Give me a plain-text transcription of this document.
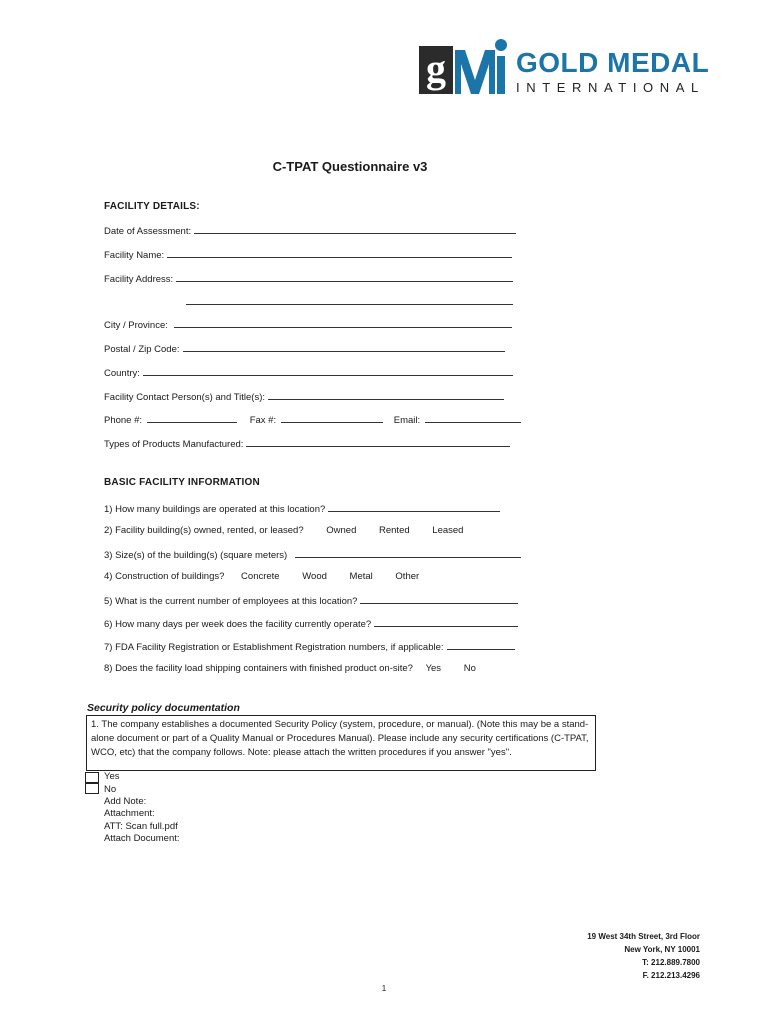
g	GOLD MEDAL
INTERNATIONAL
C-TPAT Questionnaire v3
FACILITY DETAILS:
Date of Assessment:
Facility Name:
Facility Address:
City / Province:
Postal / Zip Code:
Country:
Facility Contact Person(s) and Title(s):
Phone #:	Fax #:	Email:
Types of Products Manufactured:
BASIC FACILITY INFORMATION
1) How many buildings are operated at this location?
2) Facility building(s) owned, rented, or leased? Owned Rented Leased
3) Size(s) of the building(s) (square meters)
4) Construction of buildings? Concrete Wood Metal Other
5) What is the current number of employees at this location?
6) How many days per week does the facility currently operate?
7) FDA Facility Registration or Establishment Registration numbers, if applicable:
8) Does the facility load shipping containers with finished product on-site? Yes No
Security policy documentation
1. The company establishes a documented Security Policy (system, procedure, or manual). (Note this may be a stand-alone document or part of a Quality Manual or Procedures Manual). Please include any security certifications (C-TPAT, WCO, etc) that the company follows. Note: please attach the written procedures if you answer "yes".
Yes
No
Add Note:
Attachment:
ATT: Scan full.pdf
Attach Document:
19 West 34th Street, 3rd Floor
New York, NY 10001
T: 212.889.7800
F. 212.213.4296
1
